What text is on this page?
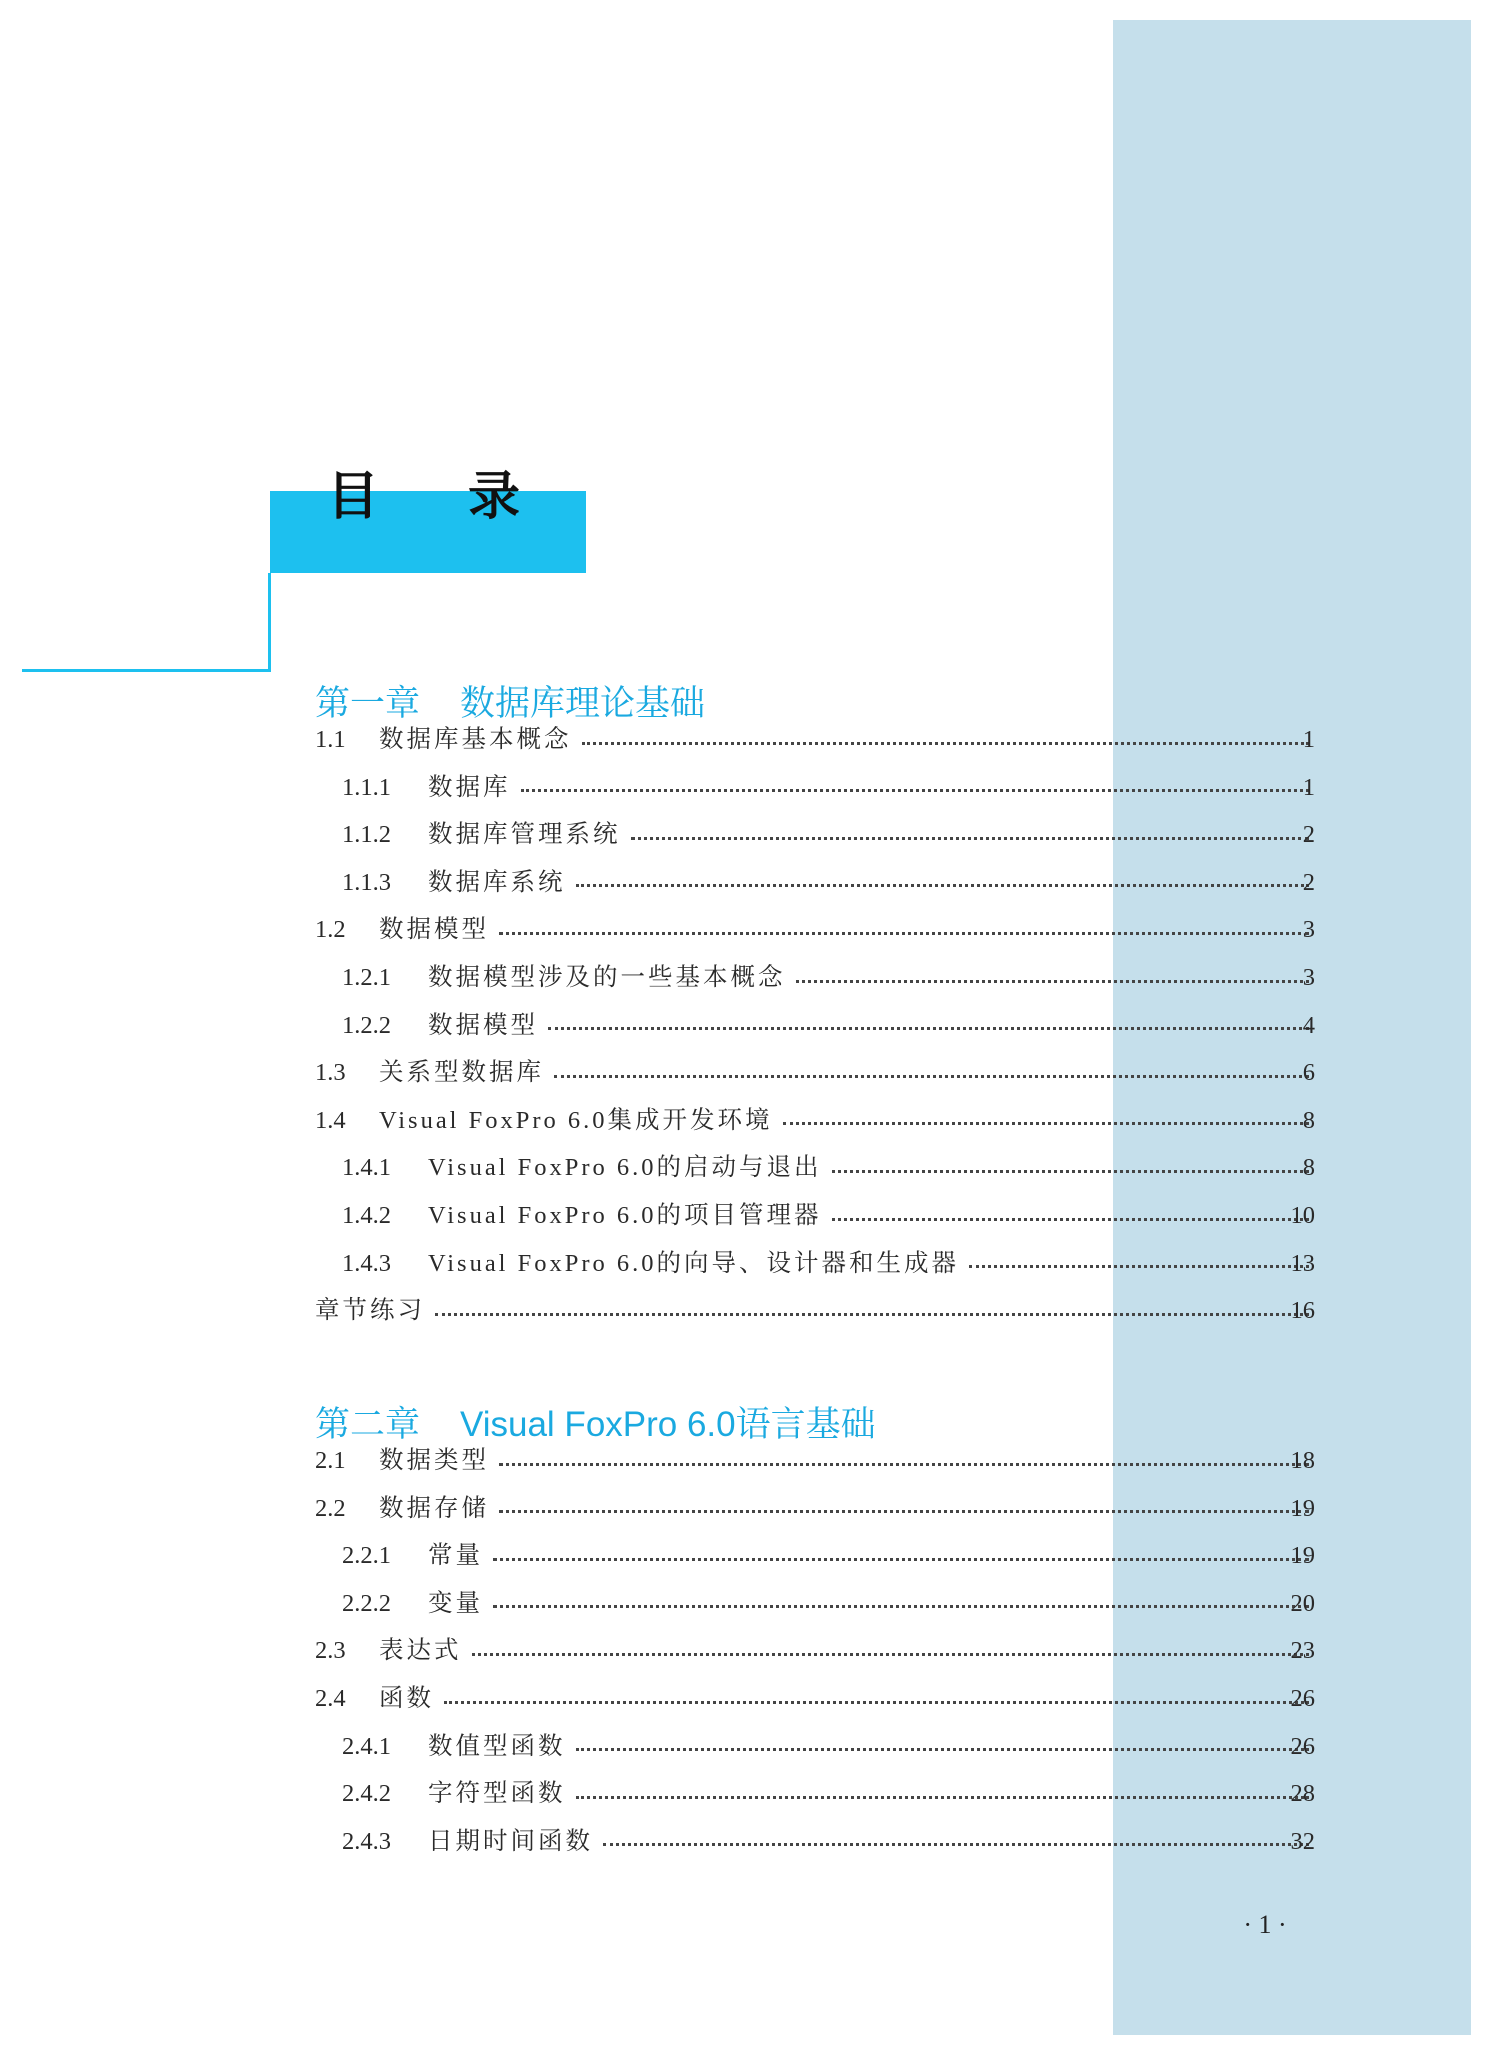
目 录
第一章 数据库理论基础
1.1	数据库基本概念	1
1.1.1	数据库	1
1.1.2	数据库管理系统	2
1.1.3	数据库系统	2
1.2	数据模型	3
1.2.1	数据模型涉及的一些基本概念	3
1.2.2	数据模型	4
1.3	关系型数据库	6
1.4	Visual FoxPro 6.0集成开发环境	8
1.4.1	Visual FoxPro 6.0的启动与退出	8
1.4.2	Visual FoxPro 6.0的项目管理器	10
1.4.3	Visual FoxPro 6.0的向导、设计器和生成器	13
章节练习	16
第二章 Visual FoxPro 6.0语言基础
2.1	数据类型	18
2.2	数据存储	19
2.2.1	常量	19
2.2.2	变量	20
2.3	表达式	23
2.4	函数	26
2.4.1	数值型函数	26
2.4.2	字符型函数	28
2.4.3	日期时间函数	32
· 1 ·
